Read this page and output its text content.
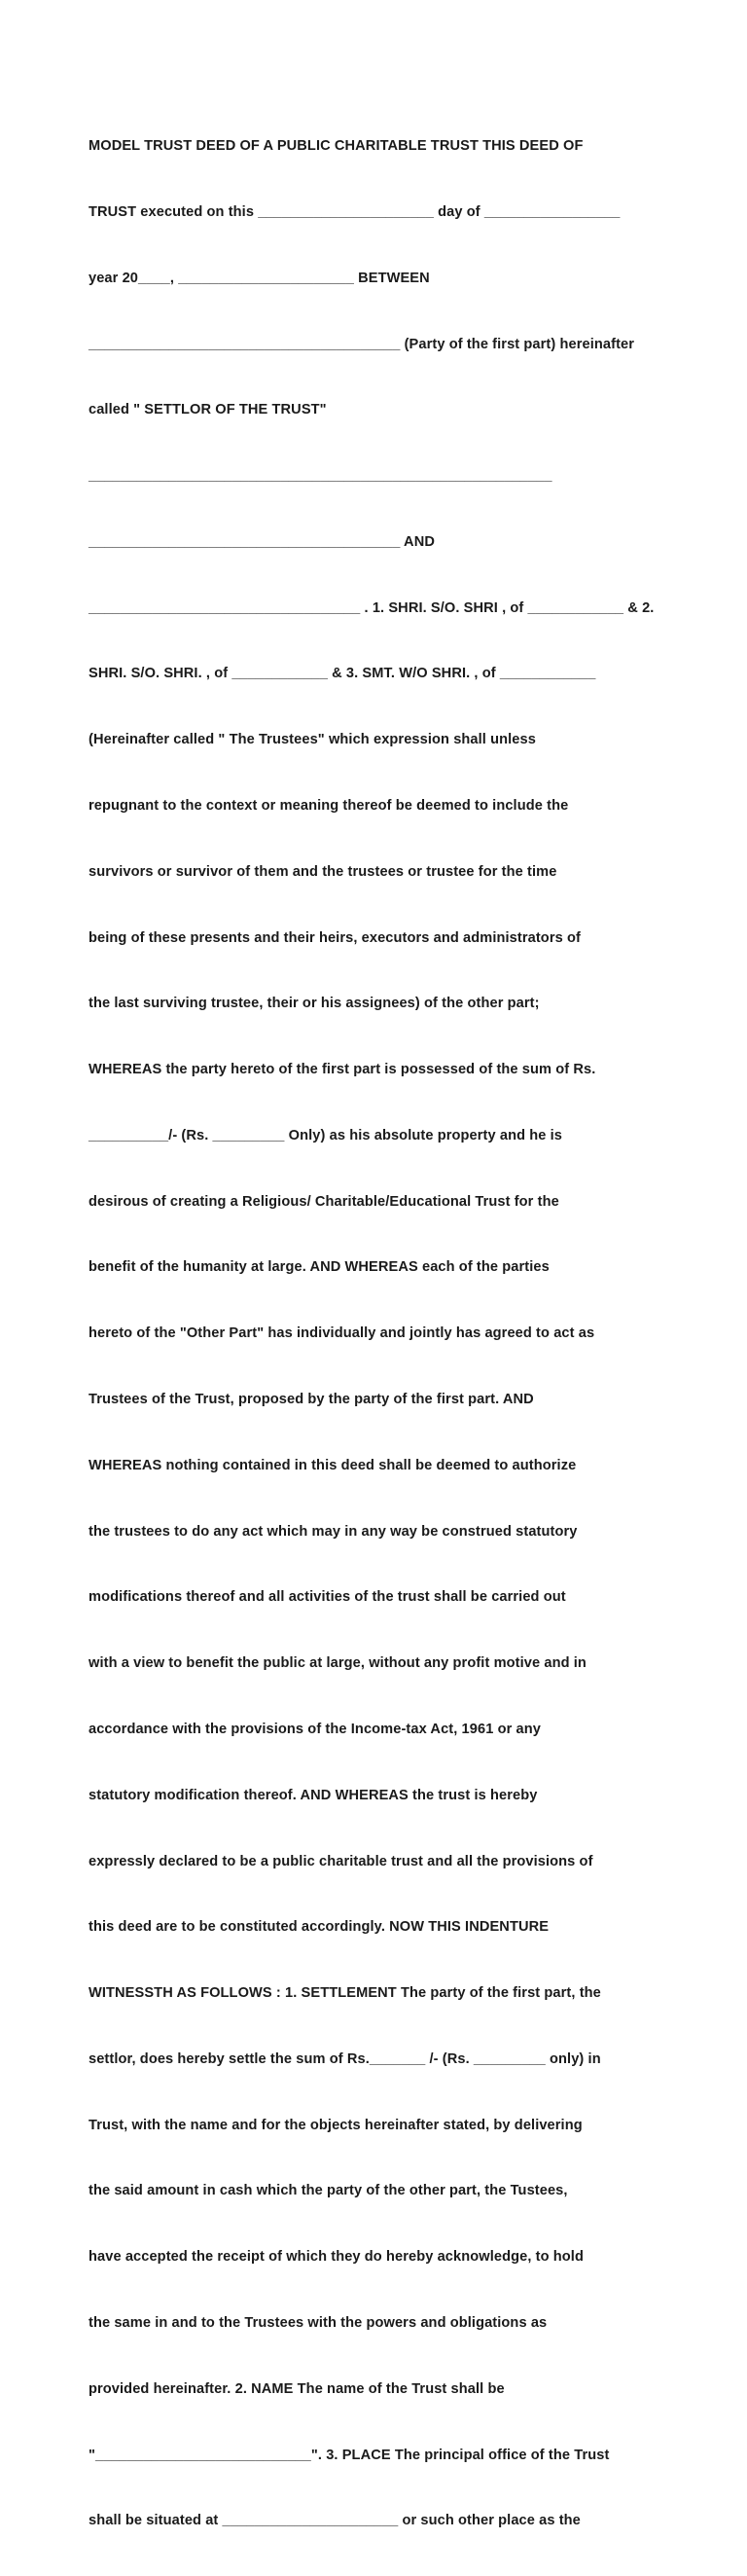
MODEL TRUST DEED OF A PUBLIC CHARITABLE TRUST THIS DEED OF

TRUST executed on this ______________________ day of _________________

year 20____, ______________________ BETWEEN

_______________________________________ (Party of the first part) hereinafter

called " SETTLOR OF THE TRUST"

__________________________________________________________

_______________________________________ AND

__________________________________ . 1. SHRI. S/O. SHRI , of ____________ & 2.

SHRI. S/O. SHRI. , of ____________ & 3. SMT. W/O SHRI. , of ____________

(Hereinafter called " The Trustees" which expression shall unless

repugnant to the context or meaning thereof be deemed to include the

survivors or survivor of them and the trustees or trustee for the time

being of these presents and their heirs, executors and administrators of

the last surviving trustee, their or his assignees) of the other part;

WHEREAS the party hereto of the first part is possessed of the sum of Rs.

__________/- (Rs. _________ Only) as his absolute property and he is

desirous of creating a Religious/ Charitable/Educational Trust for the

benefit of the humanity at large. AND WHEREAS each of the parties

hereto of the "Other Part" has individually and jointly has agreed to act as

Trustees of the Trust, proposed by the party of the first part. AND

WHEREAS nothing contained in this deed shall be deemed to authorize

the trustees to do any act which may in any way be construed statutory

modifications thereof and all activities of the trust shall be carried out

with a view to benefit the public at large, without any profit motive and in

accordance with the provisions of the Income-tax Act, 1961 or any

statutory modification thereof. AND WHEREAS the trust is hereby

expressly declared to be a public charitable trust and all the provisions of

this deed are to be constituted accordingly. NOW THIS INDENTURE

WITNESSTH AS FOLLOWS : 1. SETTLEMENT The party of the first part, the

settlor, does hereby settle the sum of Rs._______ /- (Rs. _________ only) in

Trust, with the name and for the objects hereinafter stated, by delivering

the said amount in cash which the party of the other part, the Tustees,

have accepted the receipt of which they do hereby acknowledge, to hold

the same in and to the Trustees with the powers and obligations as

provided hereinafter. 2. NAME The name of the Trust shall be

"___________________________". 3. PLACE The principal office of the Trust

shall be situated at ______________________ or such other place as the
